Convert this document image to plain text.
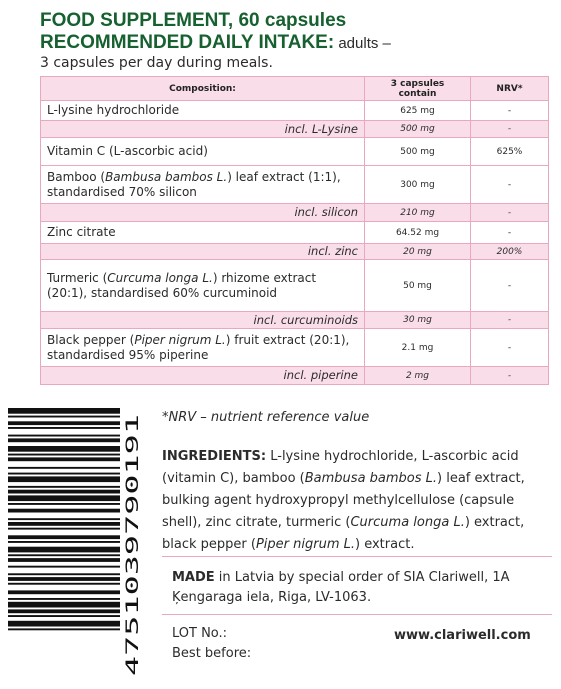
FOOD SUPPLEMENT, 60 capsules
RECOMMENDED DAILY INTAKE: adults –
3 capsules per day during meals.
Composition:	3 capsules contain	NRV*
L-lysine hydrochloride	625 mg	-
incl. L-Lysine	500 mg	-
Vitamin C (L-ascorbic acid)	500 mg	625%
Bamboo (Bambusa bambos L.) leaf extract (1:1), standardised 70% silicon	300 mg	-
incl. silicon	210 mg	-
Zinc citrate	64.52 mg	-
incl. zinc	20 mg	200%
Turmeric (Curcuma longa L.) rhizome extract (20:1), standardised 60% curcuminoid	50 mg	-
incl. curcuminoids	30 mg	-
Black pepper (Piper nigrum L.) fruit extract (20:1), standardised 95% piperine	2.1 mg	-
incl. piperine	2 mg	-
4751039790191
*NRV – nutrient reference value
INGREDIENTS: L-lysine hydrochloride, L-ascorbic acid (vitamin C), bamboo (Bambusa bambos L.) leaf extract, bulking agent hydroxypropyl methylcellulose (capsule shell), zinc citrate, turmeric (Curcuma longa L.) extract, black pepper (Piper nigrum L.) extract.
MADE in Latvia by special order of SIA Clariwell, 1A Ķengaraga iela, Riga, LV-1063.
LOT No.:
Best before:
www.clariwell.com
